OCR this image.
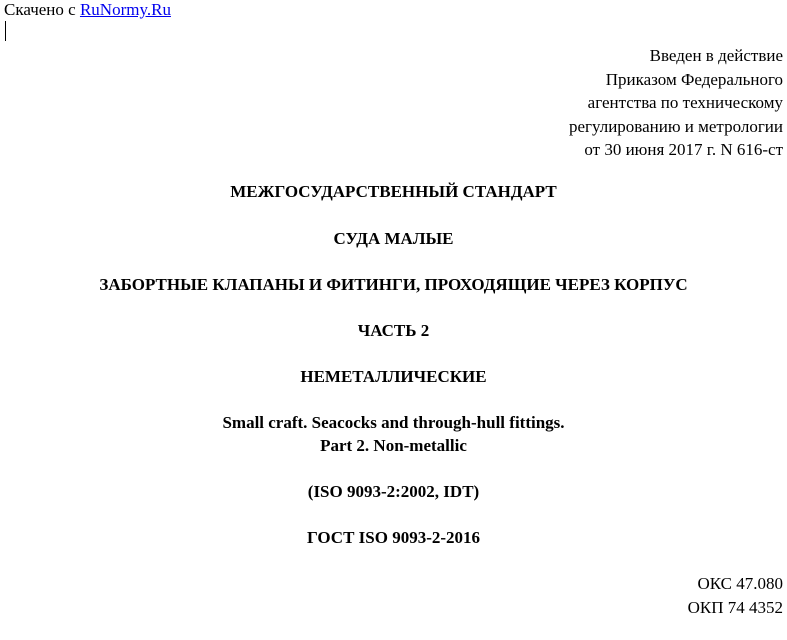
Скачено с RuNormy.Ru
Введен в действие
Приказом Федерального
агентства по техническому
регулированию и метрологии
от 30 июня 2017 г. N 616-ст
МЕЖГОСУДАРСТВЕННЫЙ СТАНДАРТ
СУДА МАЛЫЕ
ЗАБОРТНЫЕ КЛАПАНЫ И ФИТИНГИ, ПРОХОДЯЩИЕ ЧЕРЕЗ КОРПУС
ЧАСТЬ 2
НЕМЕТАЛЛИЧЕСКИЕ
Small craft. Seacocks and through-hull fittings.
Part 2. Non-metallic
(ISO 9093-2:2002, IDT)
ГОСТ ISO 9093-2-2016
ОКС 47.080
ОКП 74 4352
